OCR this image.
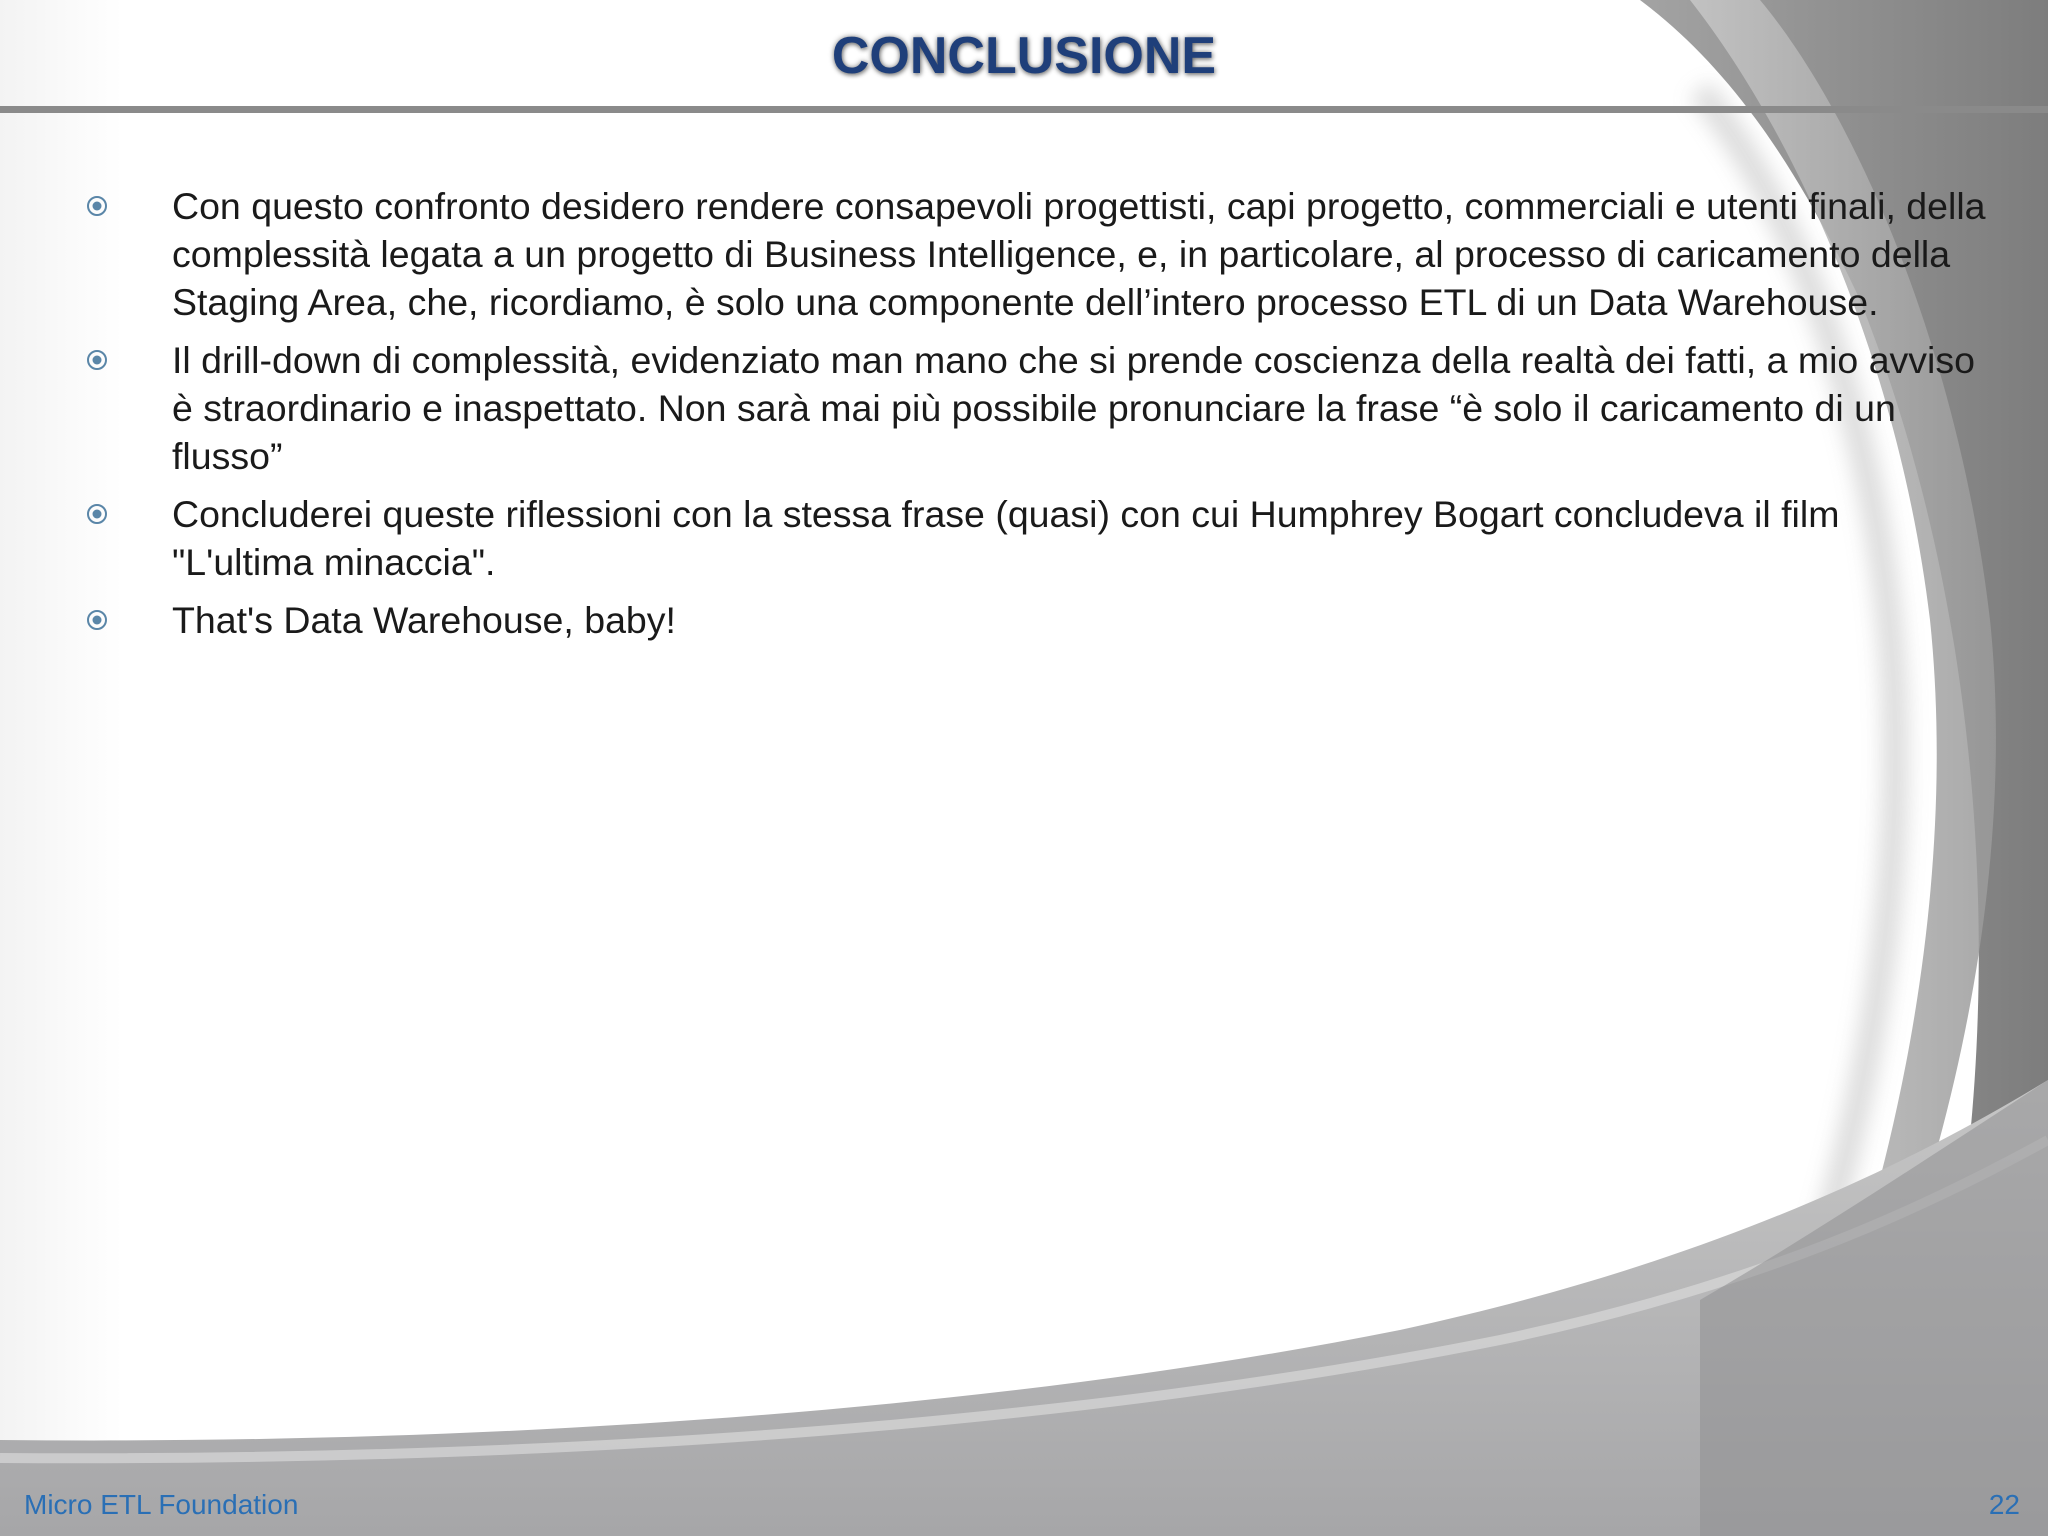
CONCLUSIONE
Con questo confronto desidero rendere consapevoli progettisti, capi progetto, commerciali e utenti finali, della complessità legata a un progetto di Business Intelligence, e, in particolare, al processo di caricamento della Staging Area, che, ricordiamo, è solo una componente dell’intero processo ETL di un Data Warehouse.
Il drill-down di complessità, evidenziato man mano che si prende coscienza della realtà dei fatti, a mio avviso è straordinario e inaspettato. Non sarà mai più possibile pronunciare la frase “è solo il caricamento di un flusso”
Concluderei queste riflessioni con la stessa frase (quasi) con cui Humphrey Bogart concludeva il film "L'ultima minaccia".
That's Data Warehouse, baby!
Micro ETL Foundation	22
